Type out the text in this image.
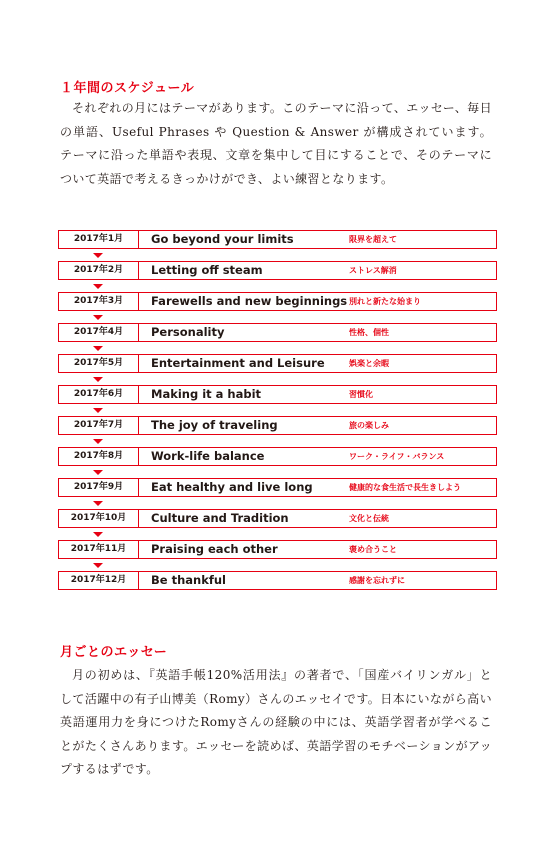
１年間のスケジュール

それぞれの月にはテーマがあります。このテーマに沿って、エッセー、毎日の単語、Useful Phrases や Question & Answer が構成されています。テーマに沿った単語や表現、文章を集中して目にすることで、そのテーマについて英語で考えるきっかけができ、よい練習となります。

2017年1月	Go beyond your limits	限界を超えて
2017年2月	Letting off steam	ストレス解消
2017年3月	Farewells and new beginnings 別れと新たな始まり
2017年4月	Personality	性格、個性
2017年5月	Entertainment and Leisure	娯楽と余暇
2017年6月	Making it a habit	習慣化
2017年7月	The joy of traveling	旅の楽しみ
2017年8月	Work-life balance	ワーク・ライフ・バランス
2017年9月	Eat healthy and live long	健康的な食生活で長生きしよう
2017年10月	Culture and Tradition	文化と伝統
2017年11月	Praising each other	褒め合うこと
2017年12月	Be thankful	感謝を忘れずに
月ごとのエッセー

月の初めは、『英語手帳120%活用法』の著者で、「国産バイリンガル」として活躍中の有子山博美（Romy）さんのエッセイです。日本にいながら高い英語運用力を身につけたRomyさんの経験の中には、英語学習者が学べることがたくさんあります。エッセーを読めば、英語学習のモチベーションがアップするはずです。
